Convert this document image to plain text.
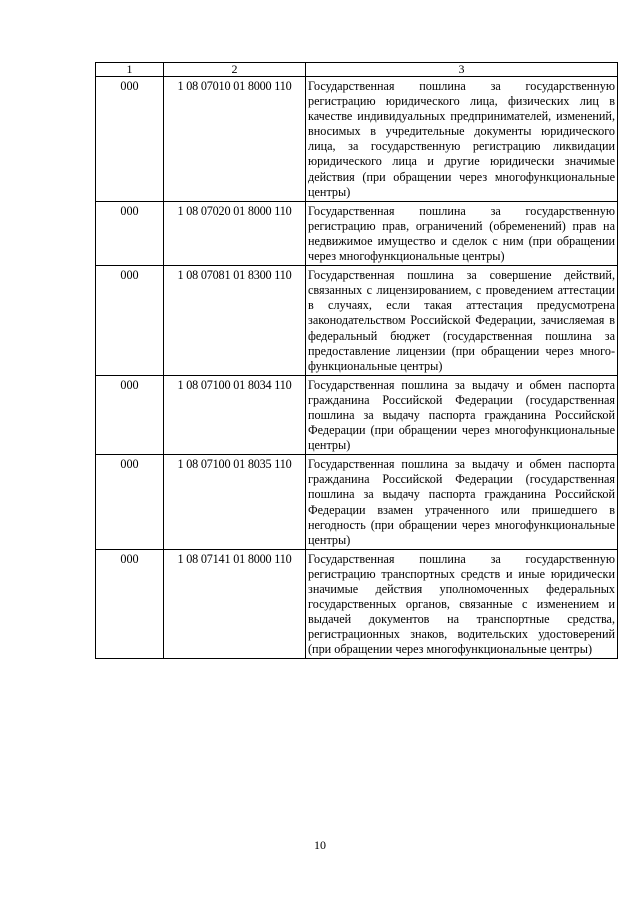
1	2	3
000	1 08 07010 01 8000 110	Государственная пошлина за государственную регистрацию юридического лица, физических лиц в качестве индивидуальных предпринимателей, изменений, вносимых в учредительные документы юридического лица, за государственную регистрацию ликвидации юридического лица и другие юридически значимые действия (при обращении через многофункциональные центры)
000	1 08 07020 01 8000 110	Государственная пошлина за государственную регистрацию прав, ограничений (обременений) прав на недвижимое имущество и сделок с ним (при обращении через многофункциональные центры)
000	1 08 07081 01 8300 110	Государственная пошлина за совершение действий, связанных с лицензированием, с проведением аттестации в случаях, если такая аттестация предусмотрена законодательством Российской Федерации, зачисляемая в федеральный бюджет (государственная пошлина за предоставление лицензии (при обращении через многофункциональные центры)
000	1 08 07100 01 8034 110	Государственная пошлина за выдачу и обмен паспорта гражданина Российской Федерации (государственная пошлина за выдачу паспорта гражданина Российской Федерации (при обращении через многофункциональные центры)
000	1 08 07100 01 8035 110	Государственная пошлина за выдачу и обмен паспорта гражданина Российской Федерации (государственная пошлина за выдачу паспорта гражданина Российской Федерации взамен утраченного или пришедшего в негодность (при обращении через многофункциональные центры)
000	1 08 07141 01 8000 110	Государственная пошлина за государственную регистрацию транспортных средств и иные юридически значимые действия уполномоченных федеральных государственных органов, связанные с изменением и выдачей документов на транспортные средства, регистрационных знаков, водительских удостоверений (при обращении через многофункциональные центры)
10
